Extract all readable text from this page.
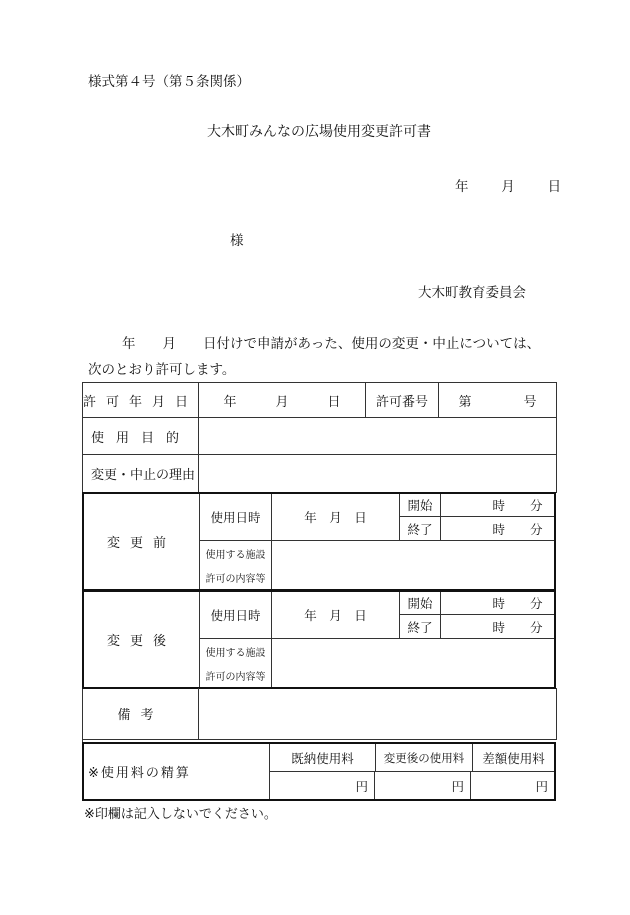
様式第４号（第５条関係）
大木町みんなの広場使用変更許可書
年 月 日
様
大木町教育委員会
年　　月　　日付けで申請があった、使用の変更・中止については、次のとおり許可します。
許可年月日	年　　　月　　　日	許可番号	第　　　　号
使用目的
変更・中止の理由
変更前
使用日時	年　月　日
開始	時　　分
終了	時　　分
使用する施設
許可の内容等
変更後
使用日時	年　月　日
開始	時　　分
終了	時　　分
使用する施設
許可の内容等
備考
※使用料の精算
既納使用料	変更後の使用料	差額使用料
円	円	円
※印欄は記入しないでください。
